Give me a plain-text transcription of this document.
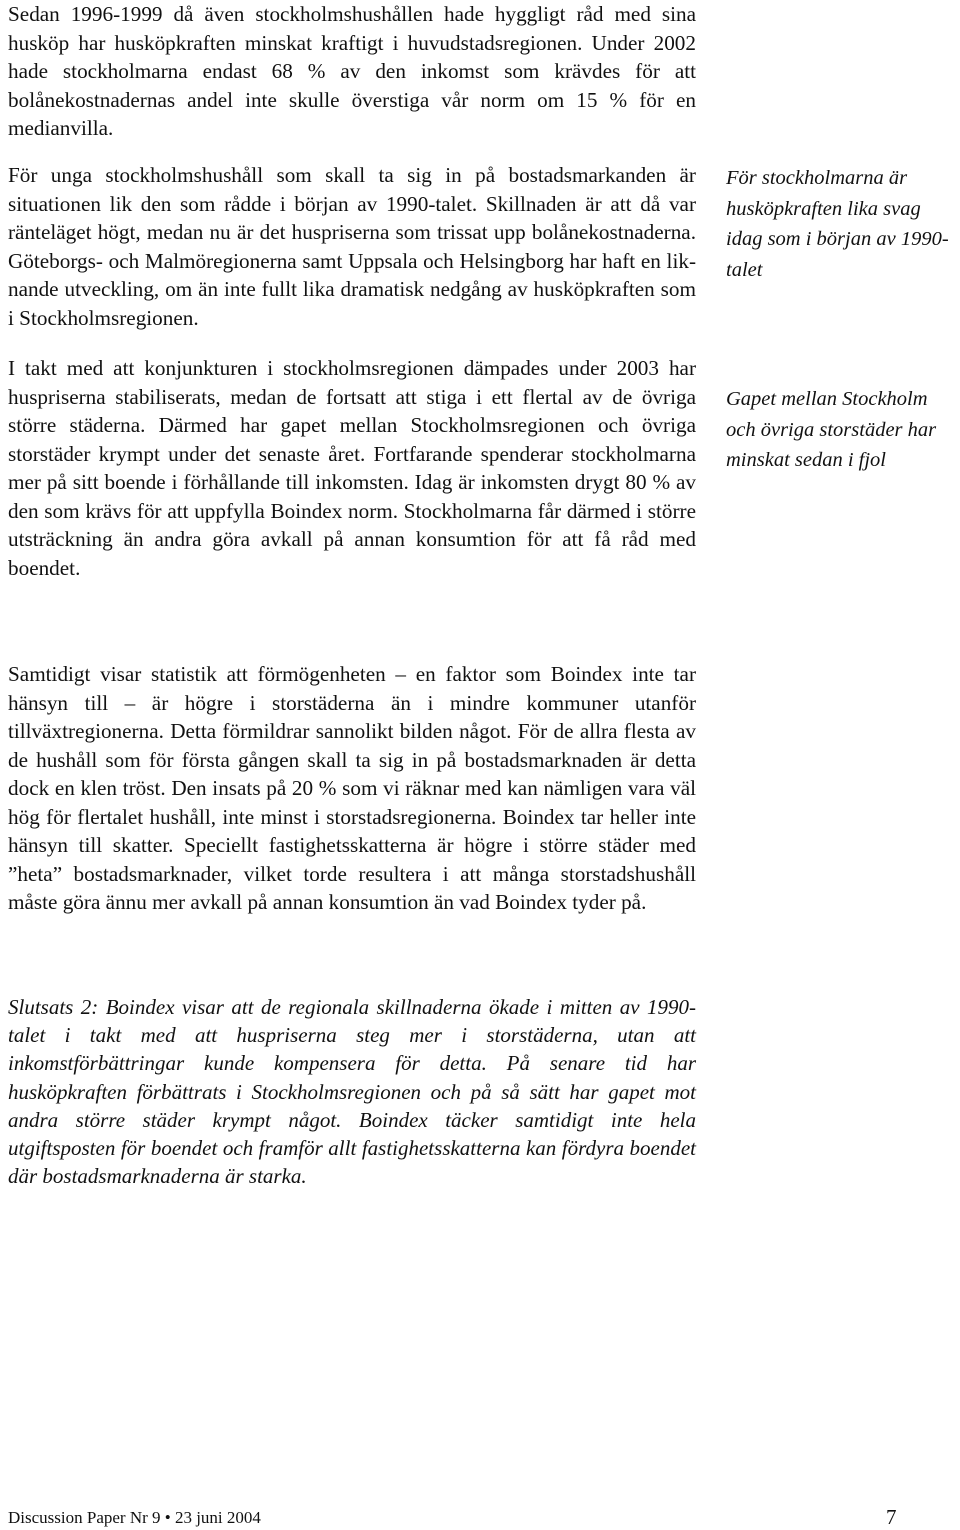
Sedan 1996-1999 då även stockholmshushållen hade hyggligt råd med sina husköp har husköpkraften minskat kraftigt i huvudstadsregionen. Under 2002 hade stockholmarna endast 68 % av den inkomst som krävdes för att bolånekostnadernas andel inte skulle överstiga vår norm om 15 % för en medianvilla.

För unga stockholmshushåll som skall ta sig in på bostadsmarkanden är situationen lik den som rådde i början av 1990-talet. Skillnaden är att då var ränteläget högt, medan nu är det huspriserna som trissat upp bolånekostnaderna. Göteborgs- och Malmöregionerna samt Uppsala och Helsingborg har haft en liknande utveckling, om än inte fullt lika dramatisk nedgång av husköpkraften som i Stockholmsregionen.

I takt med att konjunkturen i stockholmsregionen dämpades under 2003 har huspriserna stabiliserats, medan de fortsatt att stiga i ett flertal av de övriga större städerna. Därmed har gapet mellan Stockholmsregionen och övriga storstäder krympt under det senaste året. Fortfarande spenderar stockholmarna mer på sitt boende i förhållande till inkomsten. Idag är inkomsten drygt 80 % av den som krävs för att uppfylla Boindex norm. Stockholmarna får därmed i större utsträckning än andra göra avkall på annan konsumtion för att få råd med boendet.

Samtidigt visar statistik att förmögenheten – en faktor som Boindex inte tar hänsyn till – är högre i storstäderna än i mindre kommuner utanför tillväxtregionerna. Detta förmildrar sannolikt bilden något. För de allra flesta av de hushåll som för första gången skall ta sig in på bostadsmarknaden är detta dock en klen tröst. Den insats på 20 % som vi räknar med kan nämligen vara väl hög för flertalet hushåll, inte minst i storstadsregionerna. Boindex tar heller inte hänsyn till skatter. Speciellt fastighetsskatterna är högre i större städer med ”heta” bostadsmarknader, vilket torde resultera i att många storstadshushåll måste göra ännu mer avkall på annan konsumtion än vad Boindex tyder på.

Slutsats 2: Boindex visar att de regionala skillnaderna ökade i mitten av 1990-talet i takt med att huspriserna steg mer i storstäderna, utan att inkomstförbättringar kunde kompensera för detta. På senare tid har husköpkraften förbättrats i Stockholmsregionen och på så sätt har gapet mot andra större städer krympt något. Boindex täcker samtidigt inte hela utgiftsposten för boendet och framför allt fastighetsskatterna kan fördyra boendet där bostadsmarknaderna är starka.

För stockholmarna är husköpkraften lika svag idag som i början av 1990-talet

Gapet mellan Stockholm och övriga storstäder har minskat sedan i fjol

Discussion Paper Nr 9 • 23 juni 2004	7
